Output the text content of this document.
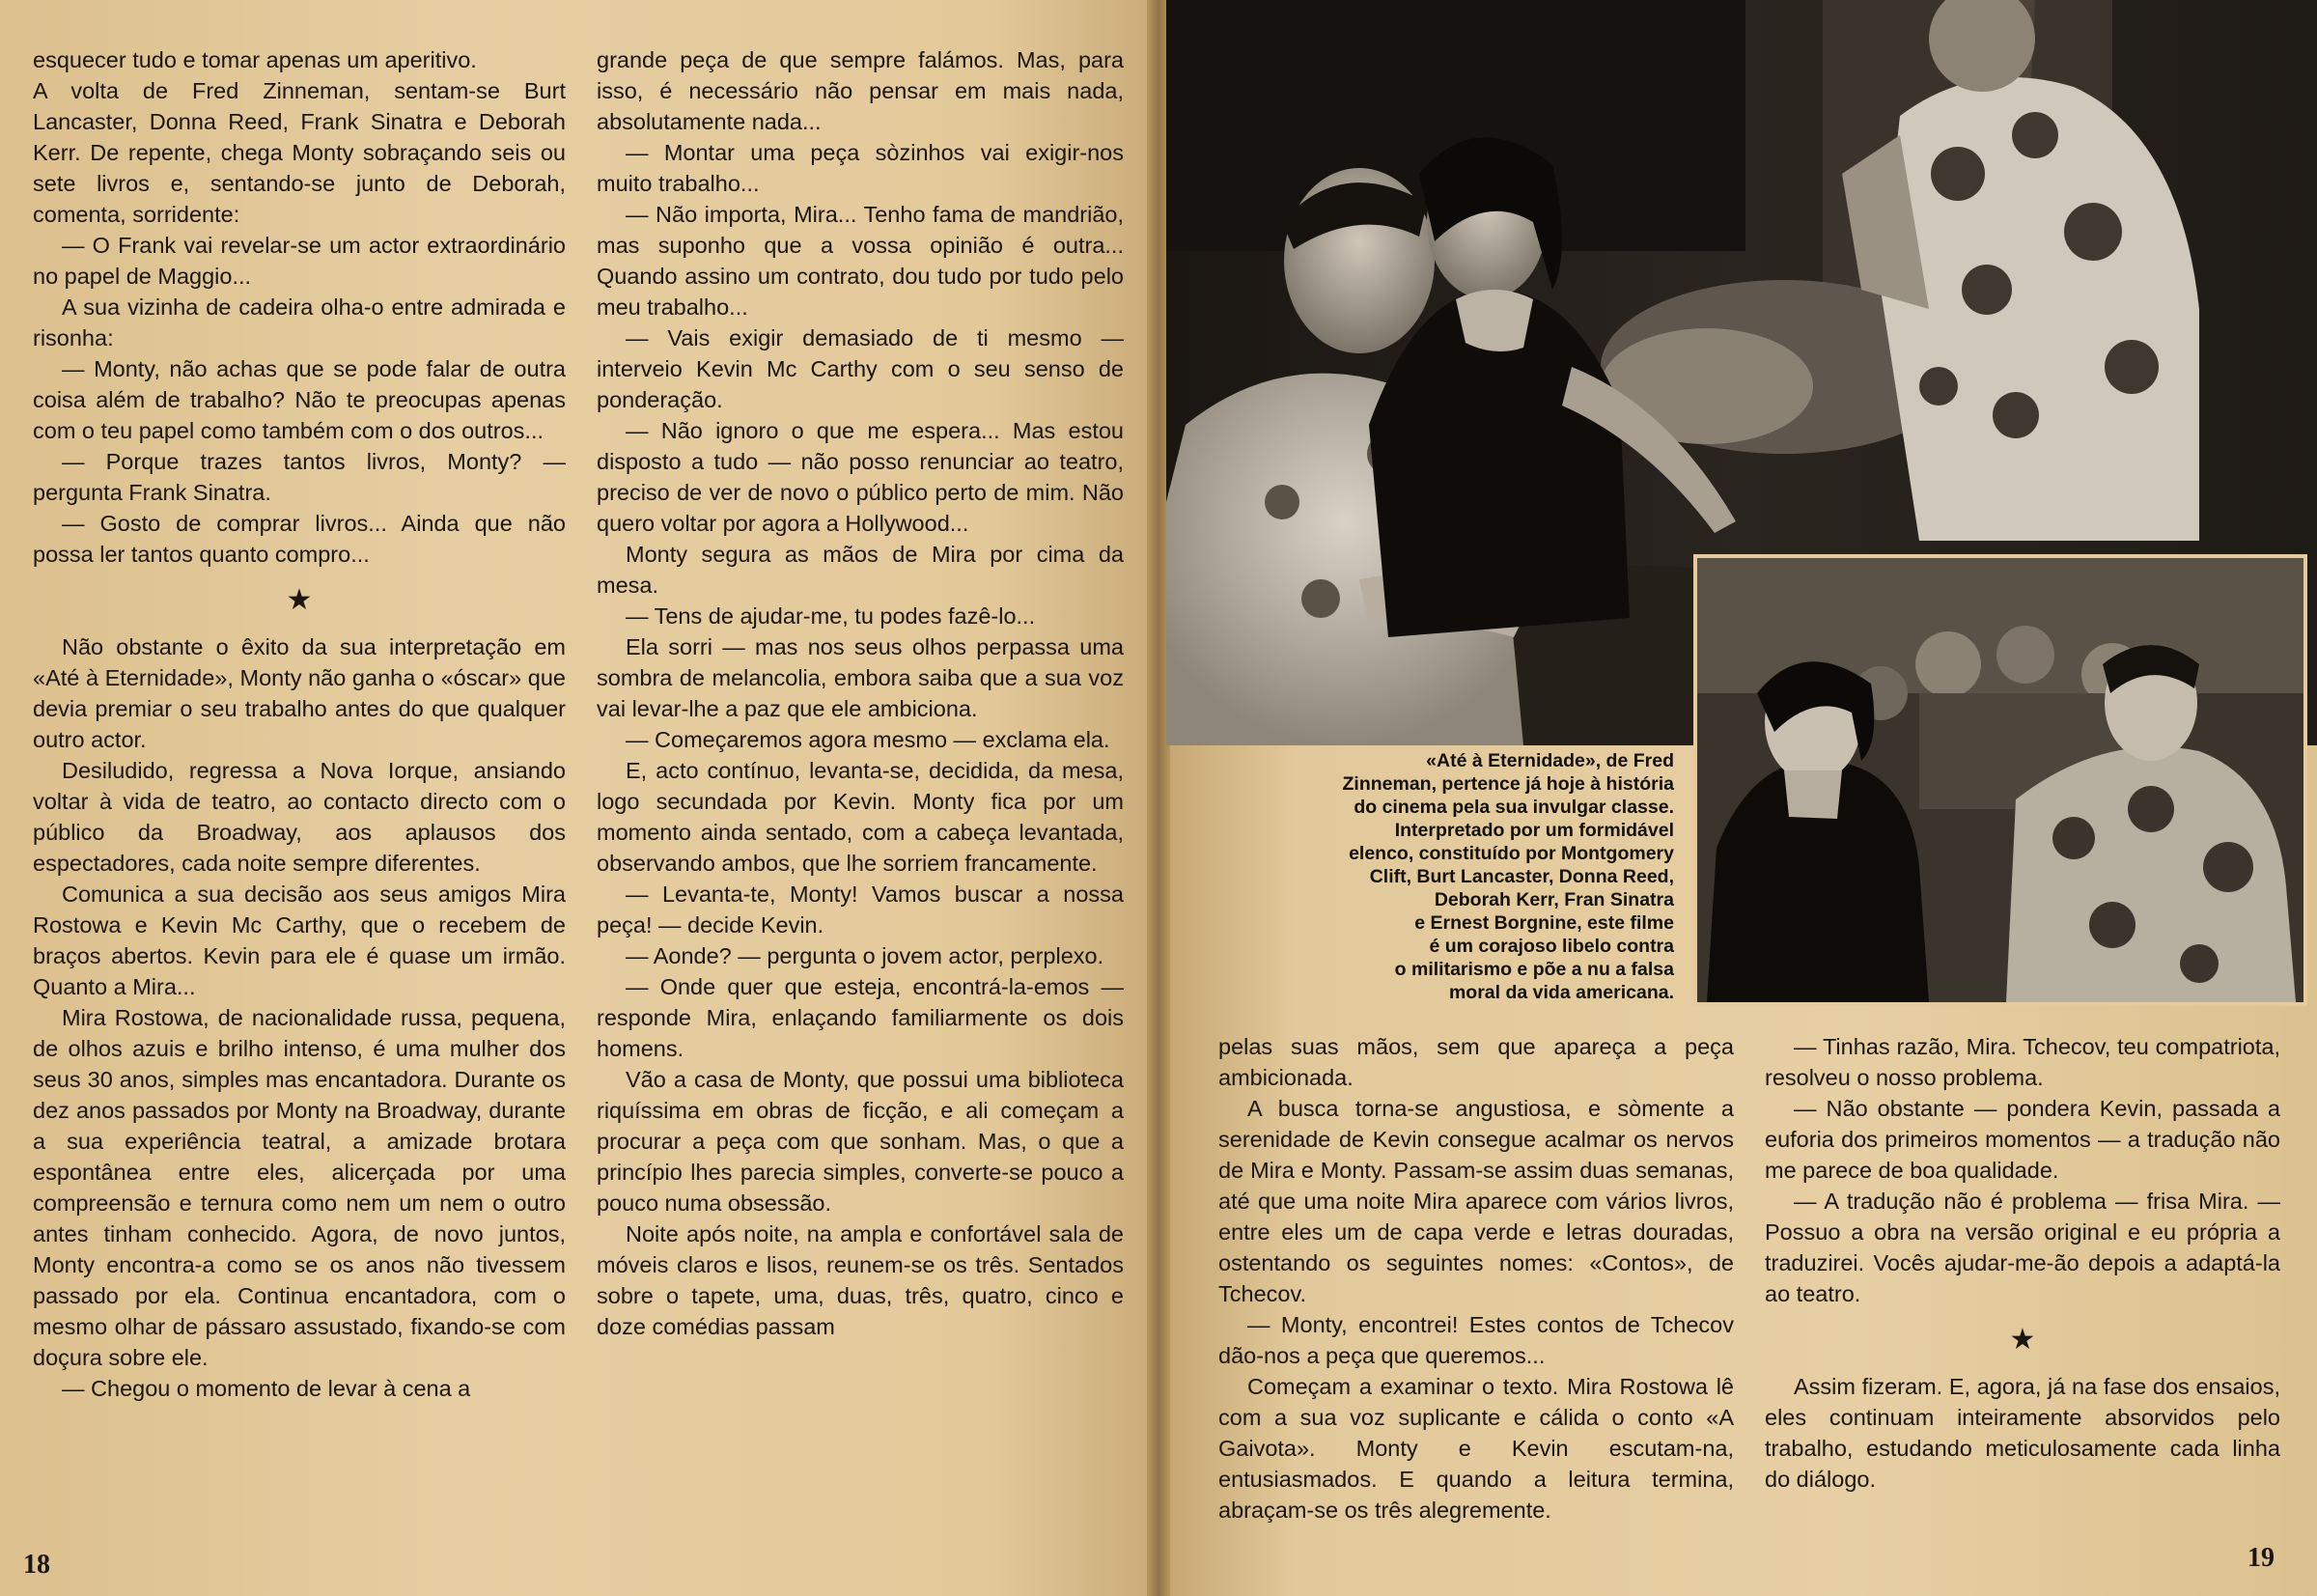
esquecer tudo e tomar apenas um aperitivo.

A volta de Fred Zinneman, sentam-se Burt Lancaster, Donna Reed, Frank Sinatra e Deborah Kerr. De repente, chega Monty sobraçando seis ou sete livros e, sentando-se junto de Deborah, comenta, sorridente:

— O Frank vai revelar-se um actor extraordinário no papel de Maggio...

A sua vizinha de cadeira olha-o entre admirada e risonha:

— Monty, não achas que se pode falar de outra coisa além de trabalho? Não te preocupas apenas com o teu papel como também com o dos outros...

— Porque trazes tantos livros, Monty? — pergunta Frank Sinatra.

— Gosto de comprar livros... Ainda que não possa ler tantos quanto compro...

★

Não obstante o êxito da sua interpretação em «Até à Eternidade», Monty não ganha o «óscar» que devia premiar o seu trabalho antes do que qualquer outro actor.

Desiludido, regressa a Nova Iorque, ansiando voltar à vida de teatro, ao contacto directo com o público da Broadway, aos aplausos dos espectadores, cada noite sempre diferentes.

Comunica a sua decisão aos seus amigos Mira Rostowa e Kevin Mc Carthy, que o recebem de braços abertos. Kevin para ele é quase um irmão. Quanto a Mira...

Mira Rostowa, de nacionalidade russa, pequena, de olhos azuis e brilho intenso, é uma mulher dos seus 30 anos, simples mas encantadora. Durante os dez anos passados por Monty na Broadway, durante a sua experiência teatral, a amizade brotara espontânea entre eles, alicerçada por uma compreensão e ternura como nem um nem o outro antes tinham conhecido. Agora, de novo juntos, Monty encontra-a como se os anos não tivessem passado por ela. Continua encantadora, com o mesmo olhar de pássaro assustado, fixando-se com doçura sobre ele.

— Chegou o momento de levar à cena a

grande peça de que sempre falámos. Mas, para isso, é necessário não pensar em mais nada, absolutamente nada...

— Montar uma peça sòzinhos vai exigir-nos muito trabalho...

— Não importa, Mira... Tenho fama de mandrião, mas suponho que a vossa opinião é outra... Quando assino um contrato, dou tudo por tudo pelo meu trabalho...

— Vais exigir demasiado de ti mesmo — interveio Kevin Mc Carthy com o seu senso de ponderação.

— Não ignoro o que me espera... Mas estou disposto a tudo — não posso renunciar ao teatro, preciso de ver de novo o público perto de mim. Não quero voltar por agora a Hollywood...

Monty segura as mãos de Mira por cima da mesa.

— Tens de ajudar-me, tu podes fazê-lo...

Ela sorri — mas nos seus olhos perpassa uma sombra de melancolia, embora saiba que a sua voz vai levar-lhe a paz que ele ambiciona.

— Começaremos agora mesmo — exclama ela.

E, acto contínuo, levanta-se, decidida, da mesa, logo secundada por Kevin. Monty fica por um momento ainda sentado, com a cabeça levantada, observando ambos, que lhe sorriem francamente.

— Levanta-te, Monty! Vamos buscar a nossa peça! — decide Kevin.

— Aonde? — pergunta o jovem actor, perplexo.

— Onde quer que esteja, encontrá-la-emos — responde Mira, enlaçando familiarmente os dois homens.

Vão a casa de Monty, que possui uma biblioteca riquíssima em obras de ficção, e ali começam a procurar a peça com que sonham. Mas, o que a princípio lhes parecia simples, converte-se pouco a pouco numa obsessão.

Noite após noite, na ampla e confortável sala de móveis claros e lisos, reunem-se os três. Sentados sobre o tapete, uma, duas, três, quatro, cinco e doze comédias passam

18

«Até à Eternidade», de Fred

Zinneman, pertence já hoje à história

do cinema pela sua invulgar classe.

Interpretado por um formidável

elenco, constituído por Montgomery

Clift, Burt Lancaster, Donna Reed,

Deborah Kerr, Fran Sinatra

e Ernest Borgnine, este filme

é um corajoso libelo contra

o militarismo e põe a nu a falsa

moral da vida americana.

pelas suas mãos, sem que apareça a peça ambicionada.

A busca torna-se angustiosa, e sòmente a serenidade de Kevin consegue acalmar os nervos de Mira e Monty. Passam-se assim duas semanas, até que uma noite Mira aparece com vários livros, entre eles um de capa verde e letras douradas, ostentando os seguintes nomes: «Contos», de Tchecov.

— Monty, encontrei! Estes contos de Tchecov dão-nos a peça que queremos...

Começam a examinar o texto. Mira Rostowa lê com a sua voz suplicante e cálida o conto «A Gaivota». Monty e Kevin escutam-na, entusiasmados. E quando a leitura termina, abraçam-se os três alegremente.

— Tinhas razão, Mira. Tchecov, teu compatriota, resolveu o nosso problema.

— Não obstante — pondera Kevin, passada a euforia dos primeiros momentos — a tradução não me parece de boa qualidade.

— A tradução não é problema — frisa Mira. — Possuo a obra na versão original e eu própria a traduzirei. Vocês ajudar-me-ão depois a adaptá-la ao teatro.

★

Assim fizeram. E, agora, já na fase dos ensaios, eles continuam inteiramente absorvidos pelo trabalho, estudando meticulosamente cada linha do diálogo.

19
